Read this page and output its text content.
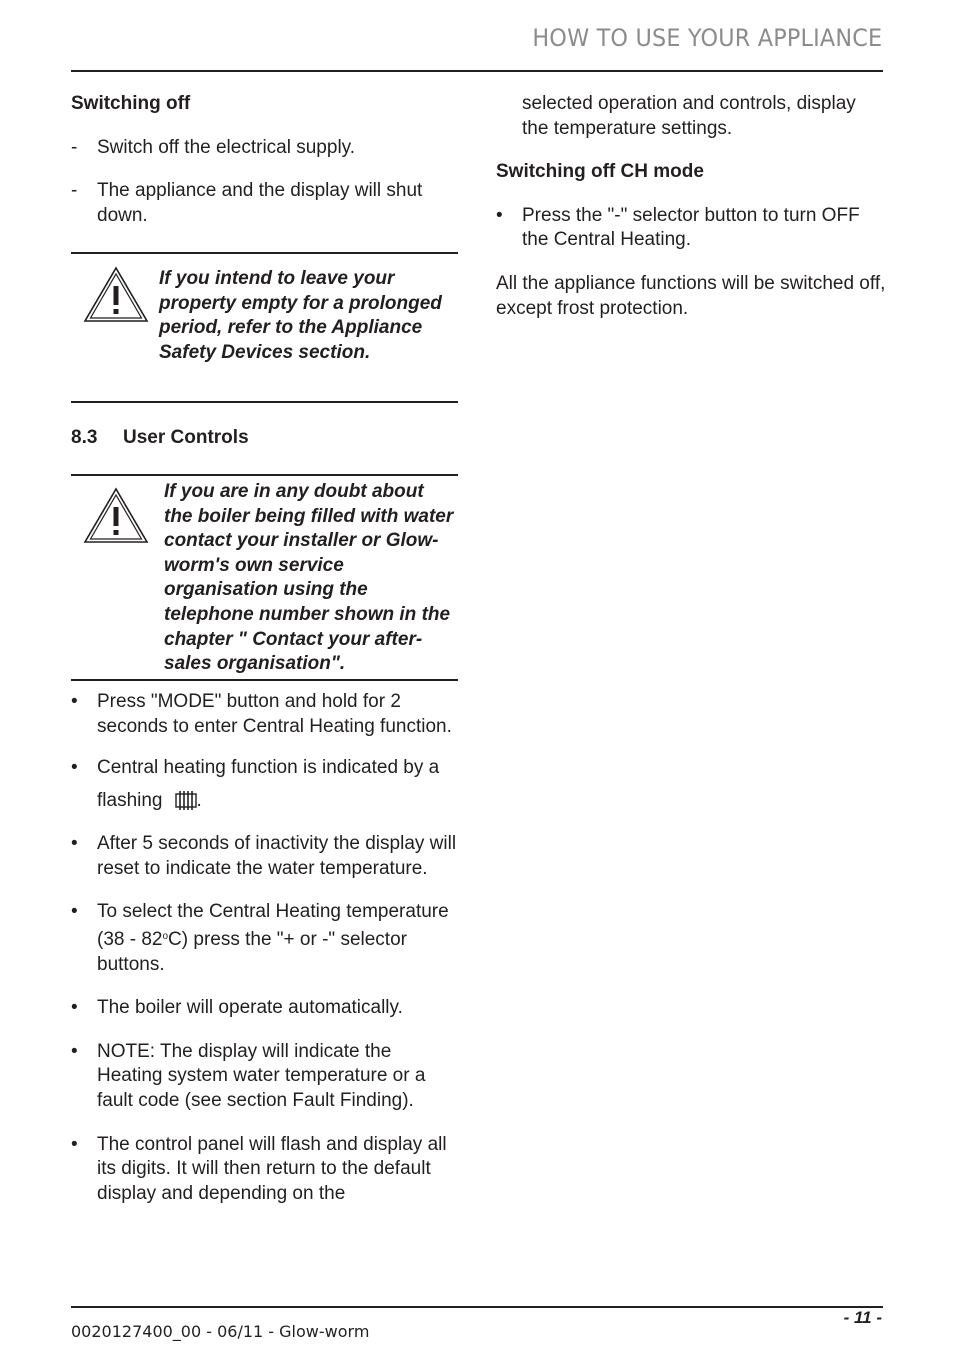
HOW TO USE YOUR APPLIANCE

Switching off

- Switch off the electrical supply.
- The appliance and the display will shut down.
If you intend to leave your property empty for a prolonged period, refer to the Appliance Safety Devices section.
8.3 User Controls
If you are in any doubt about the boiler being filled with water contact your installer or Glow-worm's own service organisation using the telephone number shown in the chapter " Contact your after-sales organisation".
• Press "MODE" button and hold for 2 seconds to enter Central Heating function.
• Central heating function is indicated by a flashing .
• After 5 seconds of inactivity the display will reset to indicate the water temperature.
• To select the Central Heating temperature (38 - 82$^o$C) press the "+ or -" selector buttons.
• The boiler will operate automatically.
• NOTE: The display will indicate the Heating system water temperature or a fault code (see section Fault Finding).
• The control panel will flash and display all its digits. It will then return to the default display and depending on the

selected operation and controls, display the temperature settings.

Switching off CH mode

• Press the "-" selector button to turn OFF the Central Heating.

All the appliance functions will be switched off, except frost protection.

- 11 -
0020127400_00 - 06/11 - Glow-worm
